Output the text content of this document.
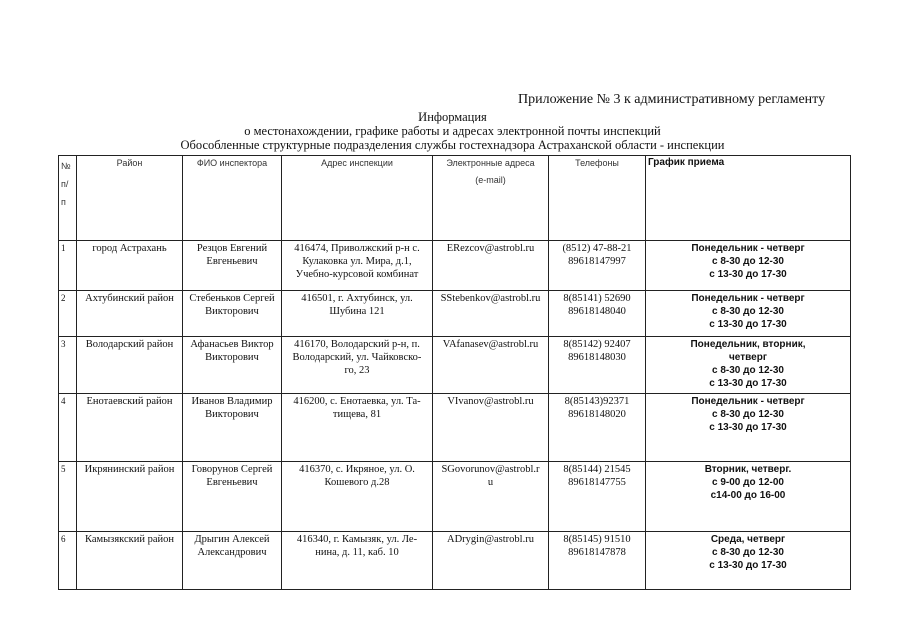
Приложение № 3 к административному регламенту
Информация
о местонахождении, графике работы и адресах электронной почты инспекций
Обособленные структурные подразделения службы гостехнадзора Астраханской области - инспекции
№
п/
п	Район	ФИО инспектора	Адрес инспекции	Электронные адреса
(e-mail)	Телефоны	График приема
1	город Астрахань	Резцов Евгений
Евгеньевич	416474, Приволжский р-н с.
Кулаковка ул. Мира, д.1,
Учебно-курсовой комбинат	ERezcov@astrobl.ru	(8512) 47-88-21
89618147997	Понедельник - четверг
с 8-30 до 12-30
с 13-30 до 17-30

2	Ахтубинский район	Стебеньков Сергей
Викторович	416501, г. Ахтубинск, ул.
Шубина 121	SStebenkov@astrobl.ru	8(85141) 52690
89618148040	Понедельник - четверг
с 8-30 до 12-30
с 13-30 до 17-30

3	Володарский район	Афанасьев Виктор
Викторович	416170, Володарский р-н, п.
Володарский, ул. Чайковско-
го, 23	VAfanasev@astrobl.ru	8(85142) 92407
89618148030	Понедельник, вторник,
четверг
с 8-30 до 12-30
с 13-30 до 17-30

4	Енотаевский район	Иванов Владимир
Викторович	416200, с. Енотаевка, ул. Та-
тищева, 81	VIvanov@astrobl.ru	8(85143)92371
89618148020	Понедельник - четверг
с 8-30 до 12-30
с 13-30 до 17-30

5	Икрянинский район	Говорунов Сергей
Евгеньевич	416370, с. Икряное, ул. О.
Кошевого д.28	SGovorunov@astrobl.r
u	8(85144) 21545
89618147755	Вторник, четверг.
с 9-00 до 12-00
с14-00 до 16-00

6	Камызякский район	Дрыгин Алексей
Александрович	416340, г. Камызяк, ул. Ле-
нина, д. 11, каб. 10	ADrygin@astrobl.ru	8(85145) 91510
89618147878	Среда, четверг
с 8-30 до 12-30
с 13-30 до 17-30
